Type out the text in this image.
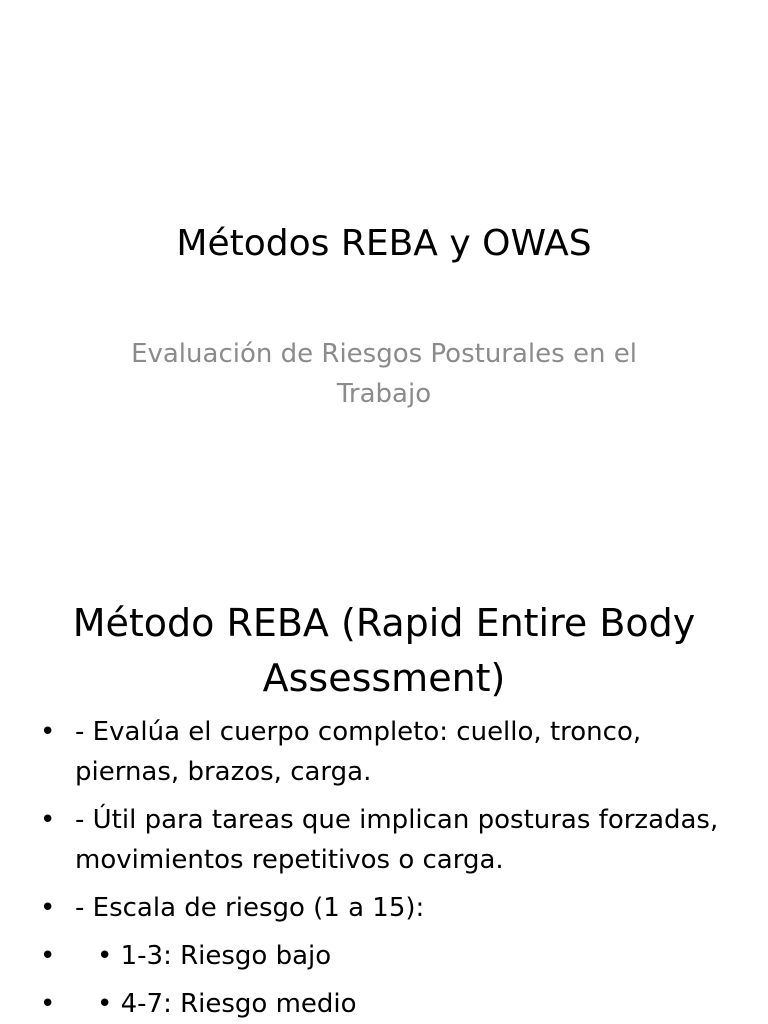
Métodos REBA y OWAS

Evaluación de Riesgos Posturales en el Trabajo

Método REBA (Rapid Entire Body Assessment)
• - Evalúa el cuerpo completo: cuello, tronco, piernas, brazos, carga.
• - Útil para tareas que implican posturas forzadas, movimientos repetitivos o carga.
• - Escala de riesgo (1 a 15):
•	• 1-3: Riesgo bajo
•	• 4-7: Riesgo medio
